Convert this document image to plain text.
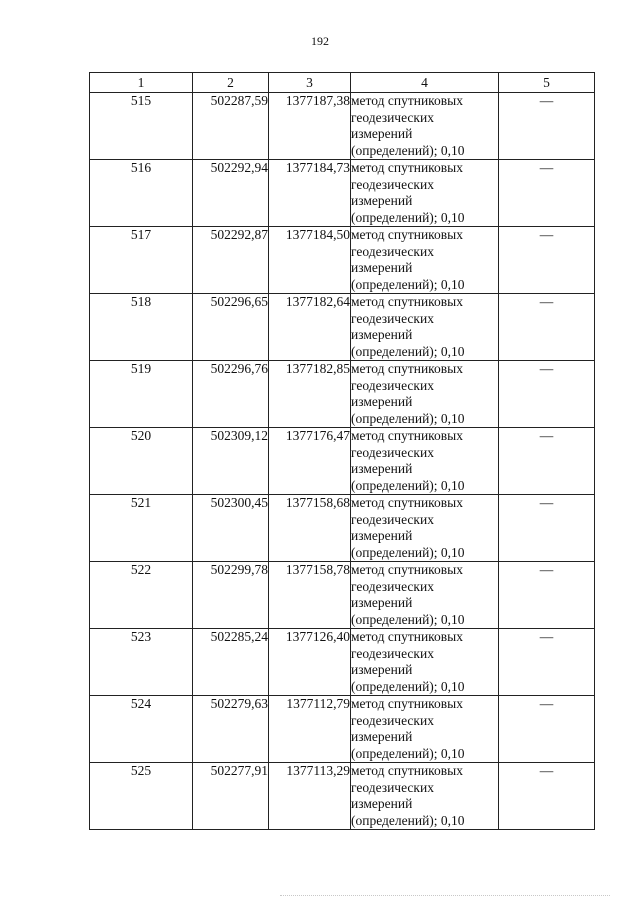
192
1	2	3	4	5
515	502287,59	1377187,38	метод спутниковых
геодезических
измерений
(определений); 0,10	—
516	502292,94	1377184,73	метод спутниковых
геодезических
измерений
(определений); 0,10	—
517	502292,87	1377184,50	метод спутниковых
геодезических
измерений
(определений); 0,10	—
518	502296,65	1377182,64	метод спутниковых
геодезических
измерений
(определений); 0,10	—
519	502296,76	1377182,85	метод спутниковых
геодезических
измерений
(определений); 0,10	—
520	502309,12	1377176,47	метод спутниковых
геодезических
измерений
(определений); 0,10	—
521	502300,45	1377158,68	метод спутниковых
геодезических
измерений
(определений); 0,10	—
522	502299,78	1377158,78	метод спутниковых
геодезических
измерений
(определений); 0,10	—
523	502285,24	1377126,40	метод спутниковых
геодезических
измерений
(определений); 0,10	—
524	502279,63	1377112,79	метод спутниковых
геодезических
измерений
(определений); 0,10	—
525	502277,91	1377113,29	метод спутниковых
геодезических
измерений
(определений); 0,10	—
